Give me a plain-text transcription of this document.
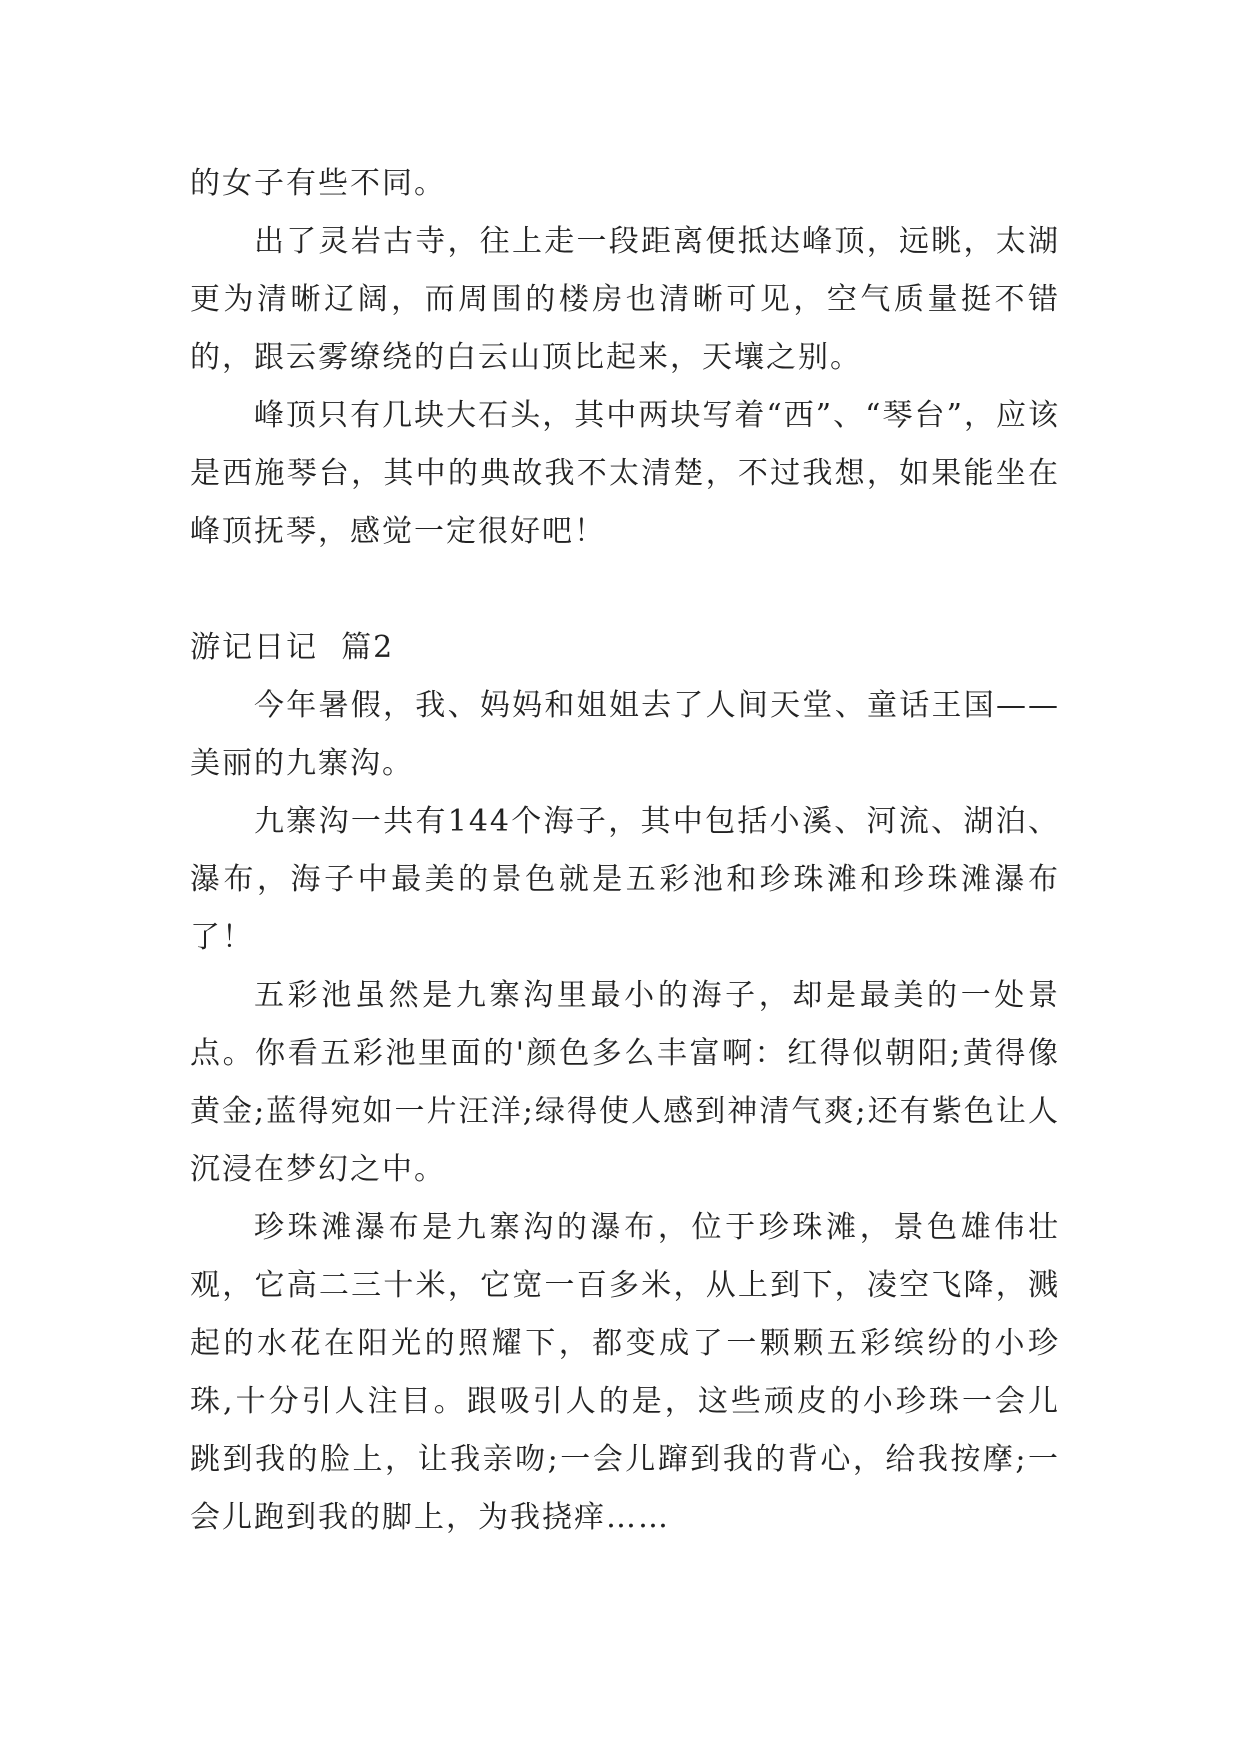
的女子有些不同。

出了灵岩古寺，往上走一段距离便抵达峰顶，远眺，太湖更为清晰辽阔，而周围的楼房也清晰可见，空气质量挺不错的，跟云雾缭绕的白云山顶比起来，天壤之别。

峰顶只有几块大石头，其中两块写着“西”、“琴台”，应该是西施琴台，其中的典故我不太清楚，不过我想，如果能坐在峰顶抚琴，感觉一定很好吧！

游记日记  篇2

今年暑假，我、妈妈和姐姐去了人间天堂、童话王国——美丽的九寨沟。

九寨沟一共有144个海子，其中包括小溪、河流、湖泊、瀑布，海子中最美的景色就是五彩池和珍珠滩和珍珠滩瀑布了！

五彩池虽然是九寨沟里最小的海子，却是最美的一处景点。你看五彩池里面的'颜色多么丰富啊：红得似朝阳;黄得像黄金;蓝得宛如一片汪洋;绿得使人感到神清气爽;还有紫色让人沉浸在梦幻之中。

珍珠滩瀑布是九寨沟的瀑布，位于珍珠滩，景色雄伟壮观，它高二三十米，它宽一百多米，从上到下，凌空飞降，溅起的水花在阳光的照耀下，都变成了一颗颗五彩缤纷的小珍珠,十分引人注目。跟吸引人的是，这些顽皮的小珍珠一会儿跳到我的脸上，让我亲吻;一会儿蹿到我的背心，给我按摩;一会儿跑到我的脚上，为我挠痒……
